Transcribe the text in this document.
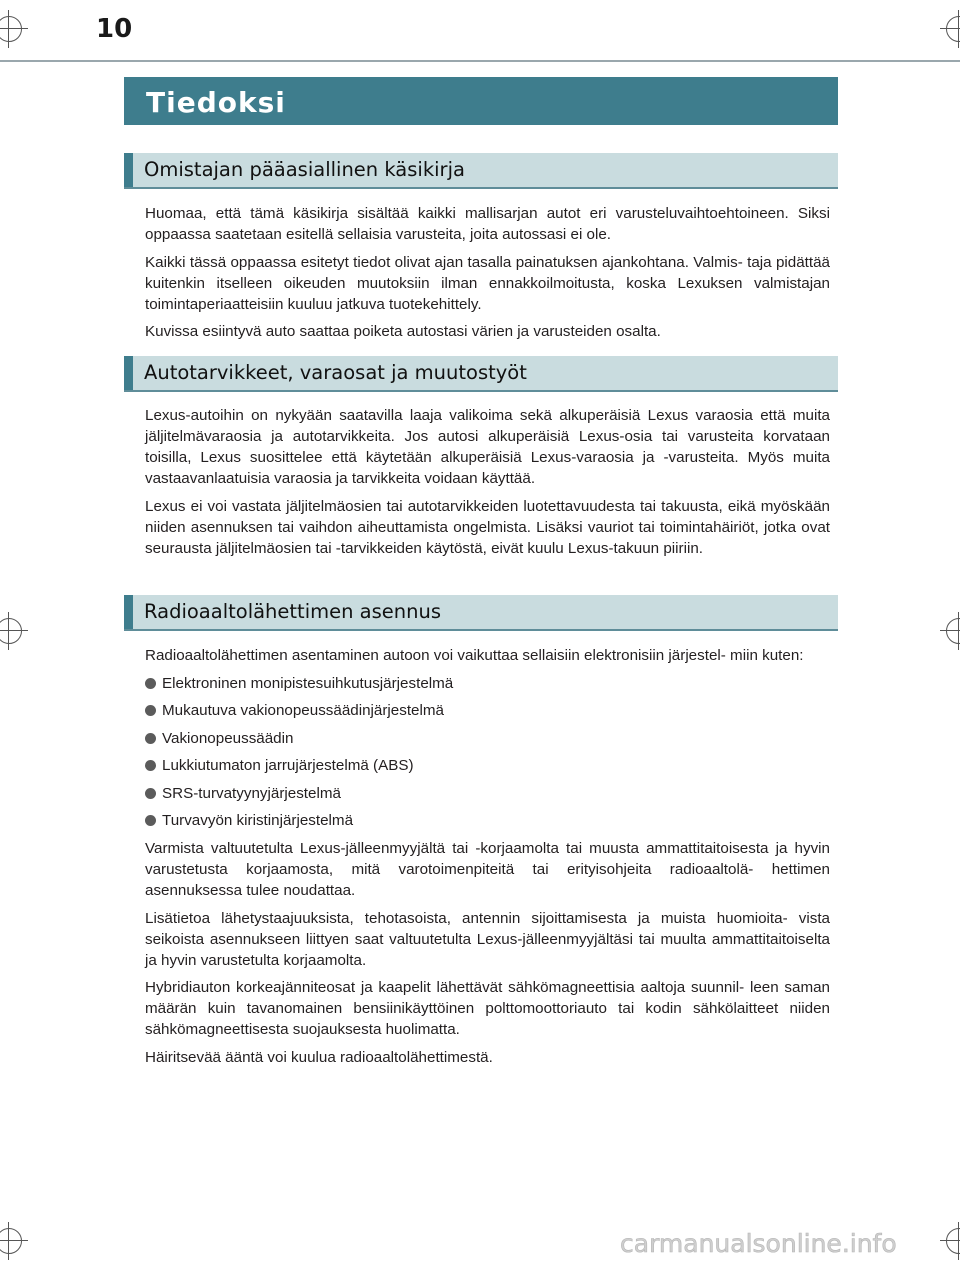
10
Tiedoksi
Omistajan pääasiallinen käsikirja

Huomaa, että tämä käsikirja sisältää kaikki mallisarjan autot eri varusteluvaihtoehtoineen. Siksi oppaassa saatetaan esitellä sellaisia varusteita, joita autossasi ei ole.

Kaikki tässä oppaassa esitetyt tiedot olivat ajan tasalla painatuksen ajankohtana. Valmis- taja pidättää kuitenkin itselleen oikeuden muutoksiin ilman ennakkoilmoitusta, koska Lexuksen valmistajan toimintaperiaatteisiin kuuluu jatkuva tuotekehittely.

Kuvissa esiintyvä auto saattaa poiketa autostasi värien ja varusteiden osalta.

Autotarvikkeet, varaosat ja muutostyöt

Lexus-autoihin on nykyään saatavilla laaja valikoima sekä alkuperäisiä Lexus varaosia että muita jäljitelmävaraosia ja autotarvikkeita. Jos autosi alkuperäisiä Lexus-osia tai varusteita korvataan toisilla, Lexus suosittelee että käytetään alkuperäisiä Lexus-varaosia ja -varusteita. Myös muita vastaavanlaatuisia varaosia ja tarvikkeita voidaan käyttää.

Lexus ei voi vastata jäljitelmäosien tai autotarvikkeiden luotettavuudesta tai takuusta, eikä myöskään niiden asennuksen tai vaihdon aiheuttamista ongelmista. Lisäksi vauriot tai toimintahäiriöt, jotka ovat seurausta jäljitelmäosien tai -tarvikkeiden käytöstä, eivät kuulu Lexus-takuun piiriin.

Radioaaltolähettimen asennus

Radioaaltolähettimen asentaminen autoon voi vaikuttaa sellaisiin elektronisiin järjestel- miin kuten:

Elektroninen monipistesuihkutusjärjestelmä
Mukautuva vakionopeussäädinjärjestelmä
Vakionopeussäädin
Lukkiutumaton jarrujärjestelmä (ABS)
SRS-turvatyynyjärjestelmä
Turvavyön kiristinjärjestelmä

Varmista valtuutetulta Lexus-jälleenmyyjältä tai -korjaamolta tai muusta ammattitaitoisesta ja hyvin varustetusta korjaamosta, mitä varotoimenpiteitä tai erityisohjeita radioaaltolä- hettimen asennuksessa tulee noudattaa.

Lisätietoa lähetystaajuuksista, tehotasoista, antennin sijoittamisesta ja muista huomioita- vista seikoista asennukseen liittyen saat valtuutetulta Lexus-jälleenmyyjältäsi tai muulta ammattitaitoiselta ja hyvin varustetulta korjaamolta.

Hybridiauton korkeajänniteosat ja kaapelit lähettävät sähkömagneettisia aaltoja suunnil- leen saman määrän kuin tavanomainen bensiinikäyttöinen polttomoottoriauto tai kodin sähkölaitteet niiden sähkömagneettisesta suojauksesta huolimatta.

Häiritsevää ääntä voi kuulua radioaaltolähettimestä.

carmanualsonline.info
